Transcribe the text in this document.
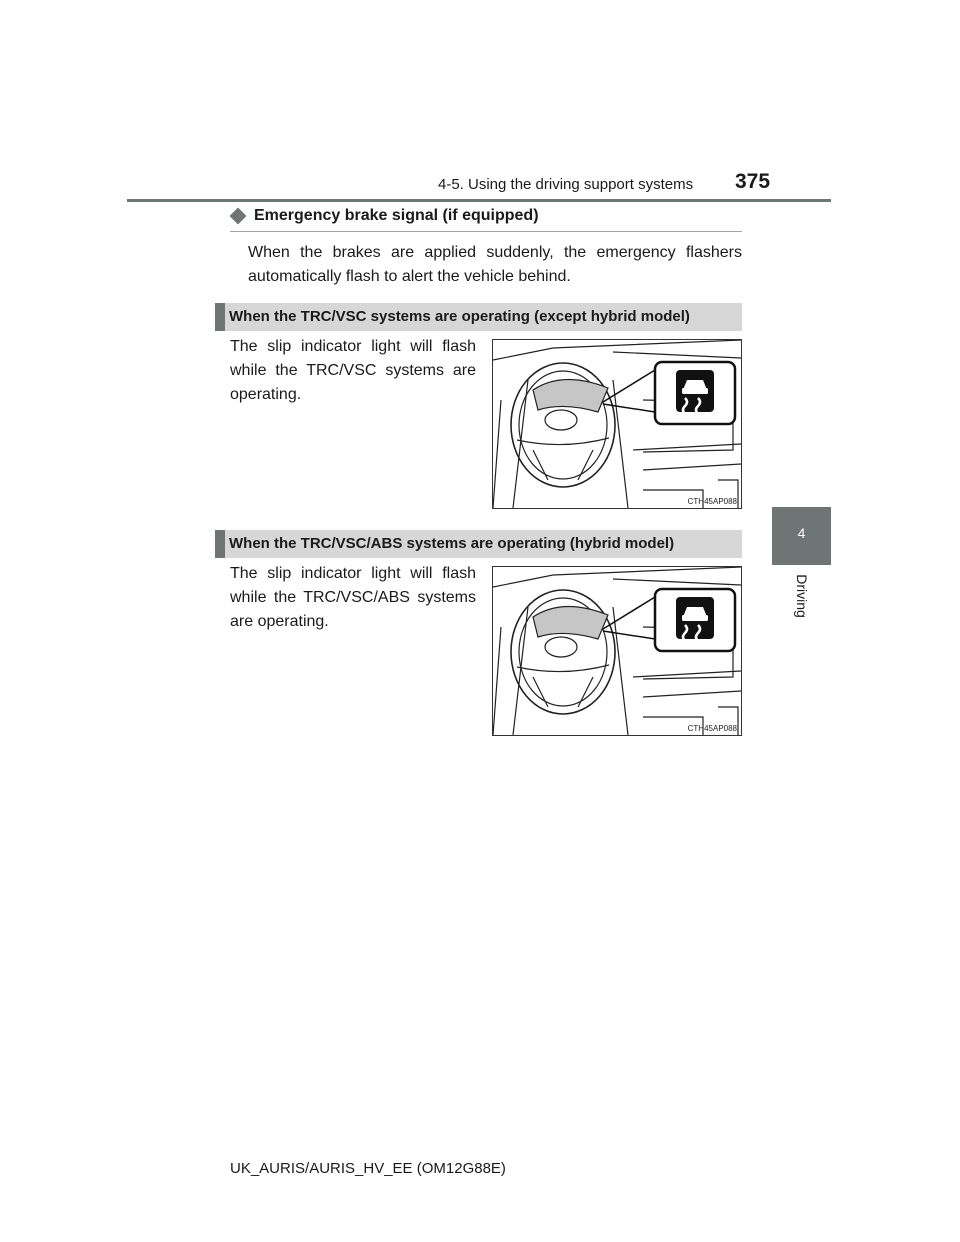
4-5. Using the driving support systems 375
4
Driving
Emergency brake signal (if equipped)
When the brakes are applied suddenly, the emergency flashers automatically flash to alert the vehicle behind.
When the TRC/VSC systems are operating (except hybrid model)
The slip indicator light will flash while the TRC/VSC systems are operating.
CTH45AP088
When the TRC/VSC/ABS systems are operating (hybrid model)
The slip indicator light will flash while the TRC/VSC/ABS systems are operating.
CTH45AP088
UK_AURIS/AURIS_HV_EE (OM12G88E)
